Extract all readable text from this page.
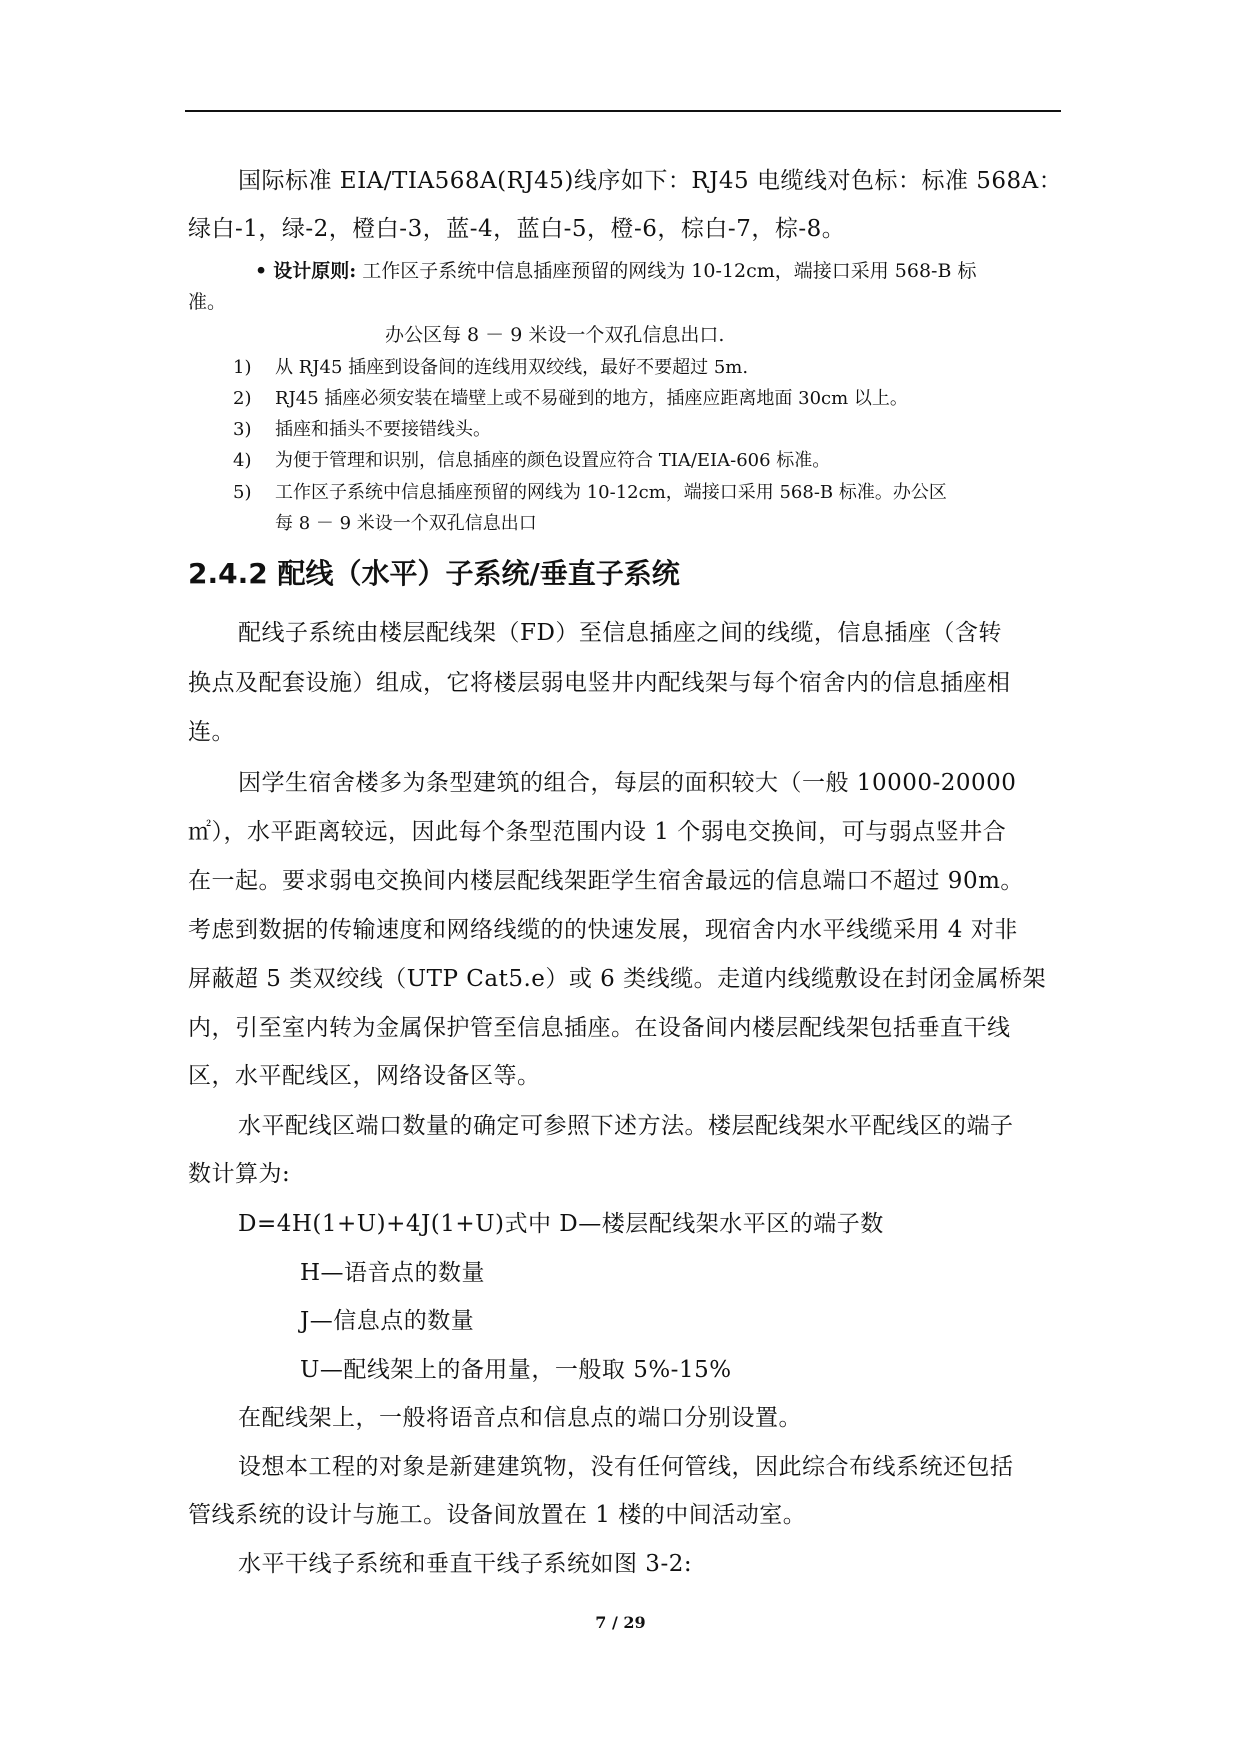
国际标准 EIA/TIA568A(RJ45)线序如下：RJ45 电缆线对色标：标准 568A：
绿白-1，绿-2，橙白-3，蓝-4，蓝白-5，橙-6，棕白-7，棕-8。
• 设计原则: 工作区子系统中信息插座预留的网线为 10-12cm，端接口采用 568-B 标
准。
办公区每 8 － 9 米设一个双孔信息出口.
1) 从 RJ45 插座到设备间的连线用双绞线，最好不要超过 5m.
2) RJ45 插座必须安装在墙壁上或不易碰到的地方，插座应距离地面 30cm 以上。
3) 插座和插头不要接错线头。
4) 为便于管理和识别，信息插座的颜色设置应符合 TIA/EIA-606 标准。
5) 工作区子系统中信息插座预留的网线为 10-12cm，端接口采用 568-B 标准。办公区
每 8 － 9 米设一个双孔信息出口
2.4.2 配线（水平）子系统/垂直子系统
配线子系统由楼层配线架（FD）至信息插座之间的线缆，信息插座（含转
换点及配套设施）组成，它将楼层弱电竖井内配线架与每个宿舍内的信息插座相
连。
因学生宿舍楼多为条型建筑的组合，每层的面积较大（一般 10000-20000
㎡），水平距离较远，因此每个条型范围内设 1 个弱电交换间，可与弱点竖井合
在一起。要求弱电交换间内楼层配线架距学生宿舍最远的信息端口不超过 90m。
考虑到数据的传输速度和网络线缆的的快速发展，现宿舍内水平线缆采用 4 对非
屏蔽超 5 类双绞线（UTP Cat5.e）或 6 类线缆。走道内线缆敷设在封闭金属桥架
内，引至室内转为金属保护管至信息插座。在设备间内楼层配线架包括垂直干线
区，水平配线区，网络设备区等。
水平配线区端口数量的确定可参照下述方法。楼层配线架水平配线区的端子
数计算为:
D=4H(1+U)+4J(1+U)式中 D—楼层配线架水平区的端子数
H—语音点的数量
J—信息点的数量
U—配线架上的备用量，一般取 5%-15%
在配线架上，一般将语音点和信息点的端口分别设置。
设想本工程的对象是新建建筑物，没有任何管线，因此综合布线系统还包括
管线系统的设计与施工。设备间放置在 1 楼的中间活动室。
水平干线子系统和垂直干线子系统如图 3-2:
7 / 29
